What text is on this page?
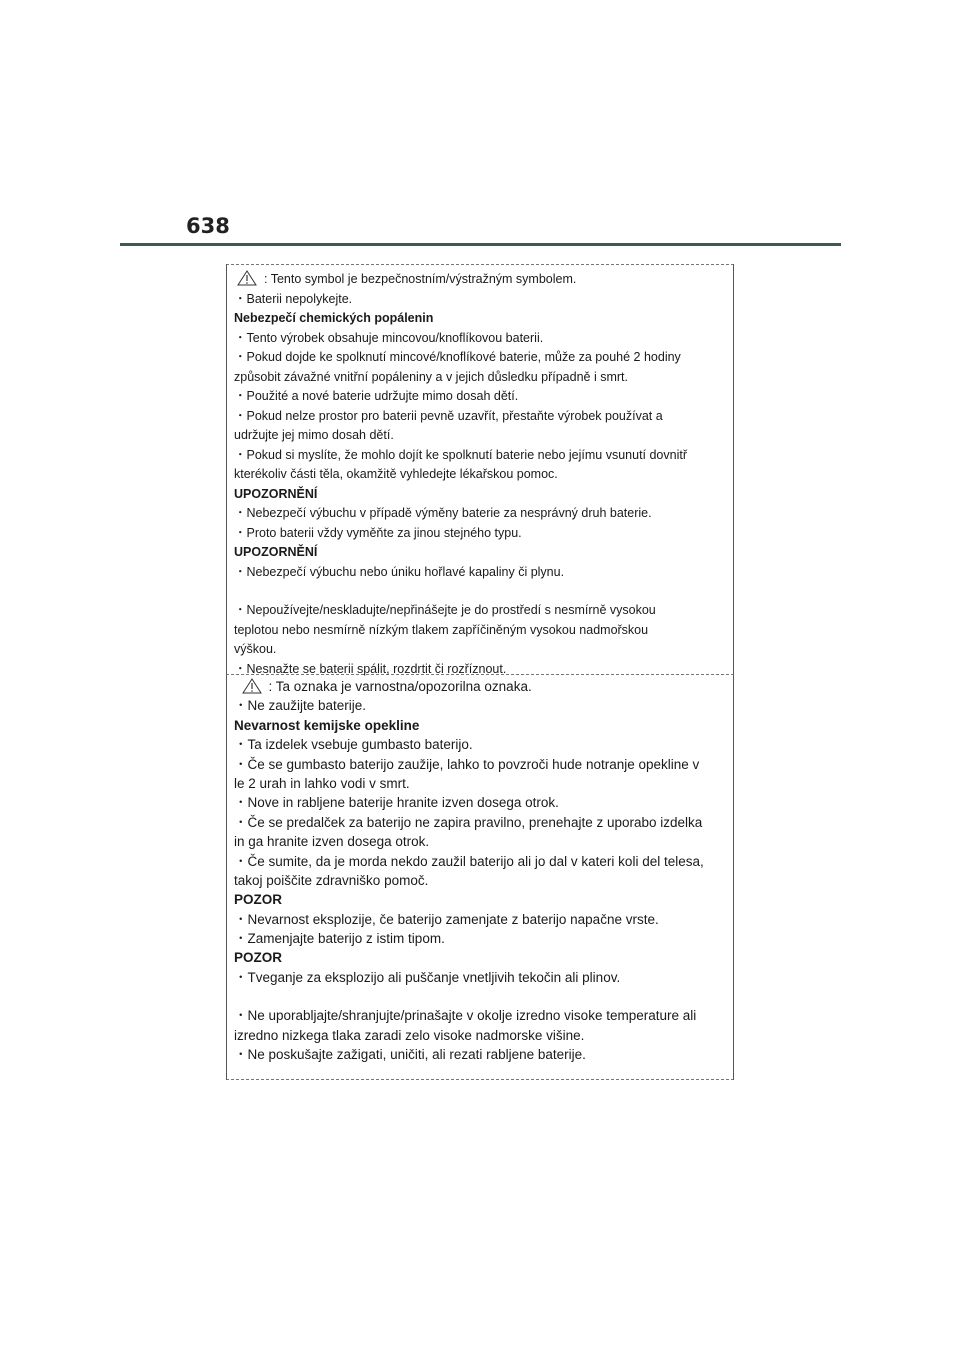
638
: Tento symbol je bezpečnostním/výstražným symbolem.
・Baterii nepolykejte.
Nebezpečí chemických popálenin
・Tento výrobek obsahuje mincovou/knoflíkovou baterii.
・Pokud dojde ke spolknutí mincové/knoflíkové baterie, může za pouhé 2 hodiny
způsobit závažné vnitřní popáleniny a v jejich důsledku případně i smrt.
・Použité a nové baterie udržujte mimo dosah dětí.
・Pokud nelze prostor pro baterii pevně uzavřít, přestaňte výrobek používat a
udržujte jej mimo dosah dětí.
・Pokud si myslíte, že mohlo dojít ke spolknutí baterie nebo jejímu vsunutí dovnitř
kterékoliv části těla, okamžitě vyhledejte lékařskou pomoc.
UPOZORNĚNÍ
・Nebezpečí výbuchu v případě výměny baterie za nesprávný druh baterie.
・Proto baterii vždy vyměňte za jinou stejného typu.
UPOZORNĚNÍ
・Nebezpečí výbuchu nebo úniku hořlavé kapaliny či plynu.
・Nepoužívejte/neskladujte/nepřinášejte je do prostředí s nesmírně vysokou
teplotou nebo nesmírně nízkým tlakem zapříčiněným vysokou nadmořskou
výškou.
・Nesnažte se baterii spálit, rozdrtit či rozříznout.
: Ta oznaka je varnostna/opozorilna oznaka.
・Ne zaužijte baterije.
Nevarnost kemijske opekline
・Ta izdelek vsebuje gumbasto baterijo.
・Če se gumbasto baterijo zaužije, lahko to povzroči hude notranje opekline v
le 2 urah in lahko vodi v smrt.
・Nove in rabljene baterije hranite izven dosega otrok.
・Če se predalček za baterijo ne zapira pravilno, prenehajte z uporabo izdelka
in ga hranite izven dosega otrok.
・Če sumite, da je morda nekdo zaužil baterijo ali jo dal v kateri koli del telesa,
takoj poiščite zdravniško pomoč.
POZOR
・Nevarnost eksplozije, če baterijo zamenjate z baterijo napačne vrste.
・Zamenjajte baterijo z istim tipom.
POZOR
・Tveganje za eksplozijo ali puščanje vnetljivih tekočin ali plinov.
・Ne uporabljajte/shranjujte/prinašajte v okolje izredno visoke temperature ali
izredno nizkega tlaka zaradi zelo visoke nadmorske višine.
・Ne poskušajte zažigati, uničiti, ali rezati rabljene baterije.
